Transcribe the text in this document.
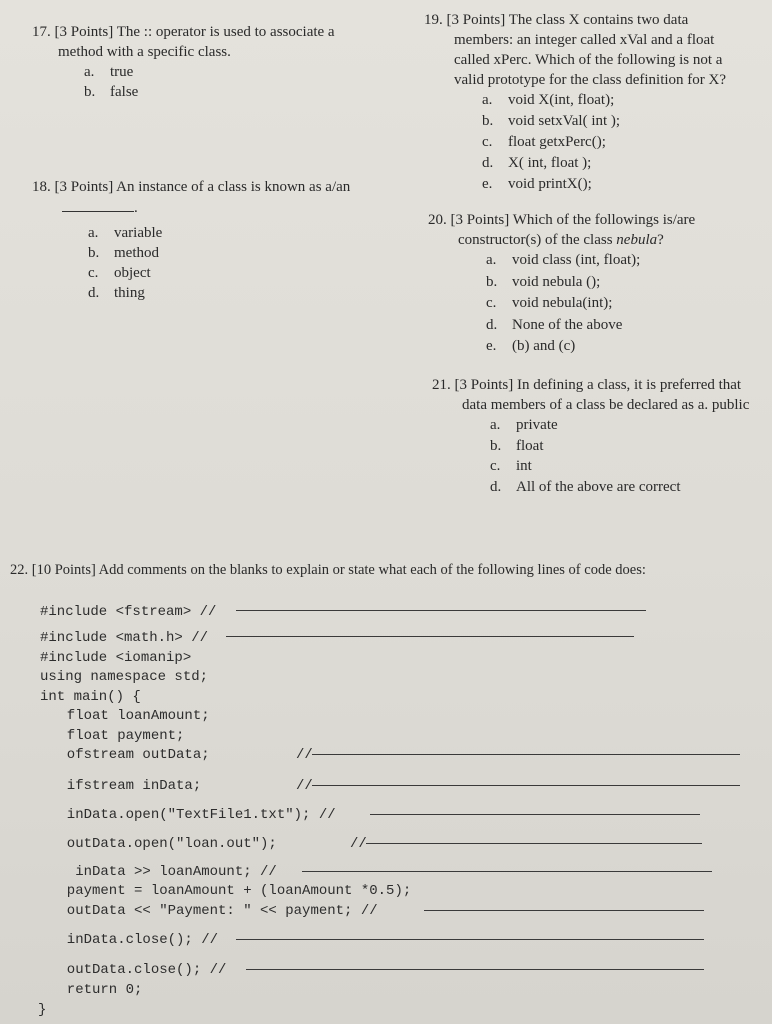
17. [3 Points] The :: operator is used to associate a
method with a specific class.
a. true
b. false
18. [3 Points] An instance of a class is known as a/an
.
a. variable
b. method
c. object
d. thing
19. [3 Points] The class X contains two data
members: an integer called xVal and a float
called xPerc. Which of the following is not a
valid prototype for the class definition for X?
a. void X(int, float);
b. void setxVal( int );
c. float getxPerc();
d. X( int, float );
e. void printX();
20. [3 Points] Which of the followings is/are
constructor(s) of the class nebula?
a. void class (int, float);
b. void nebula ();
c. void nebula(int);
d. None of the above
e. (b) and (c)
21. [3 Points] In defining a class, it is preferred that
data members of a class be declared as a. public
a. private
b. float
c. int
d. All of the above are correct
22. [10 Points] Add comments on the blanks to explain or state what each of the following lines of code does:
#include <fstream> //
#include <math.h> //
#include <iomanip>
using namespace std;
int main() {
float loanAmount;
float payment;
ofstream outData;	//
ifstream inData;	//
inData.open("TextFile1.txt"); //
outData.open("loan.out");	//
inData >> loanAmount; //
payment = loanAmount + (loanAmount *0.5);
outData << "Payment: " << payment; //
inData.close(); //
outData.close(); //
return 0;
}
